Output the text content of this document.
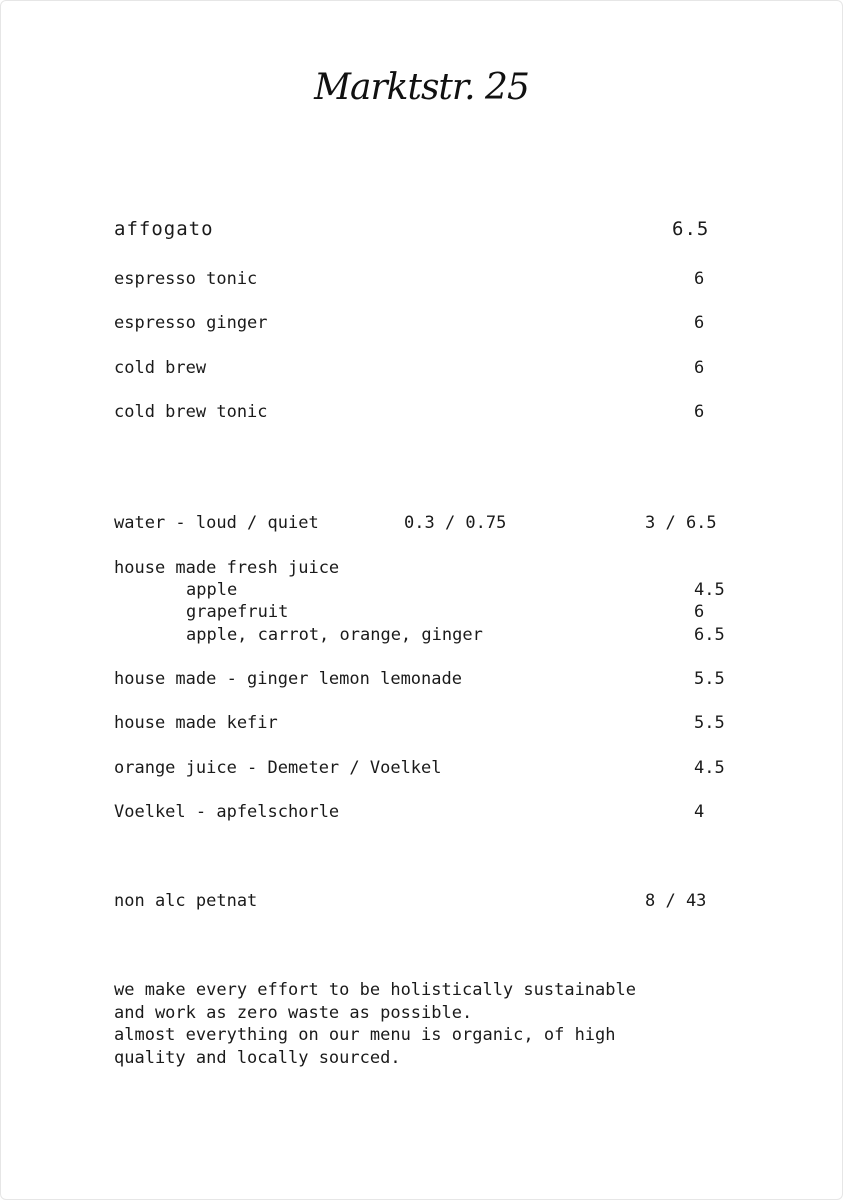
Marktstr. 25
affogato	6.5
espresso tonic	6
espresso ginger	6
cold brew	6
cold brew tonic	6
water - loud / quiet	0.3 / 0.75	3 / 6.5
house made fresh juice
apple	4.5
grapefruit	6
apple, carrot, orange, ginger	6.5
house made - ginger lemon lemonade	5.5
house made kefir	5.5
orange juice - Demeter / Voelkel	4.5
Voelkel - apfelschorle	4
non alc petnat	8 / 43
we make every effort to be holistically sustainable
and work as zero waste as possible.
almost everything on our menu is organic, of high
quality and locally sourced.
